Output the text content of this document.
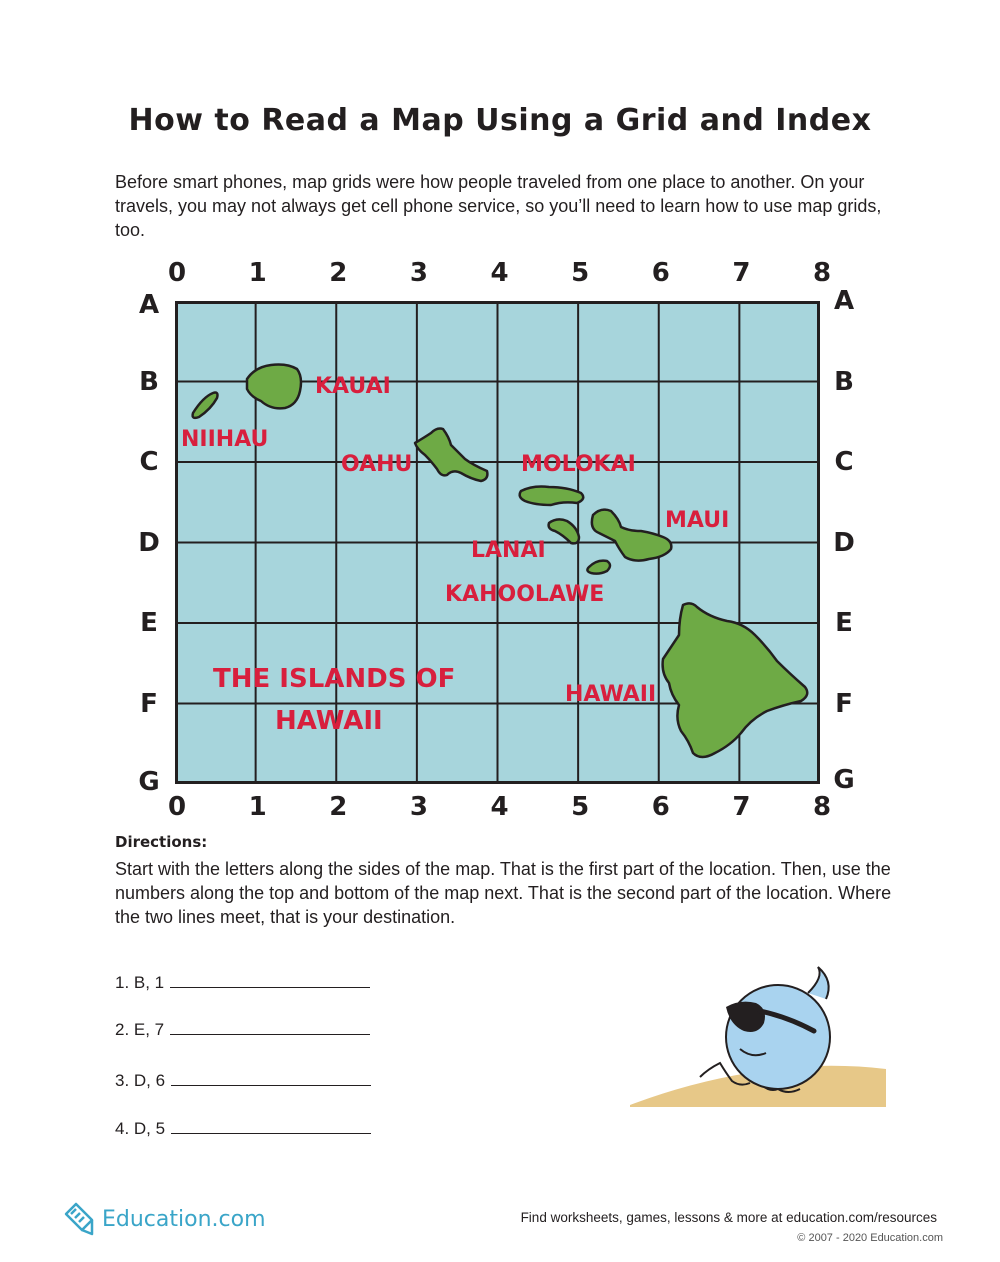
How to Read a Map Using a Grid and Index
Before smart phones, map grids were how people traveled from one place to another. On your travels, you may not always get cell phone service, so you’ll need to learn how to use map grids, too.
0	1	2	3	4	5	6	7	8
0	1	2	3	4	5	6	7	8
A
B
C
D
E
F
G
A
B
C
D
E
F
G
KAUAI
NIIHAU
OAHU	MOLOKAI
MAUI
LANAI
KAHOOLAWE
HAWAII
THE ISLANDS OF
HAWAII
Directions:
Start with the letters along the sides of the map. That is the first part of the location. Then, use the numbers along the top and bottom of the map next. That is the second part of the location. Where the two lines meet, that is your destination.
1. B, 1
2. E, 7
3. D, 6
4. D, 5
Education.com	Find worksheets, games, lessons & more at education.com/resources
© 2007 - 2020 Education.com
